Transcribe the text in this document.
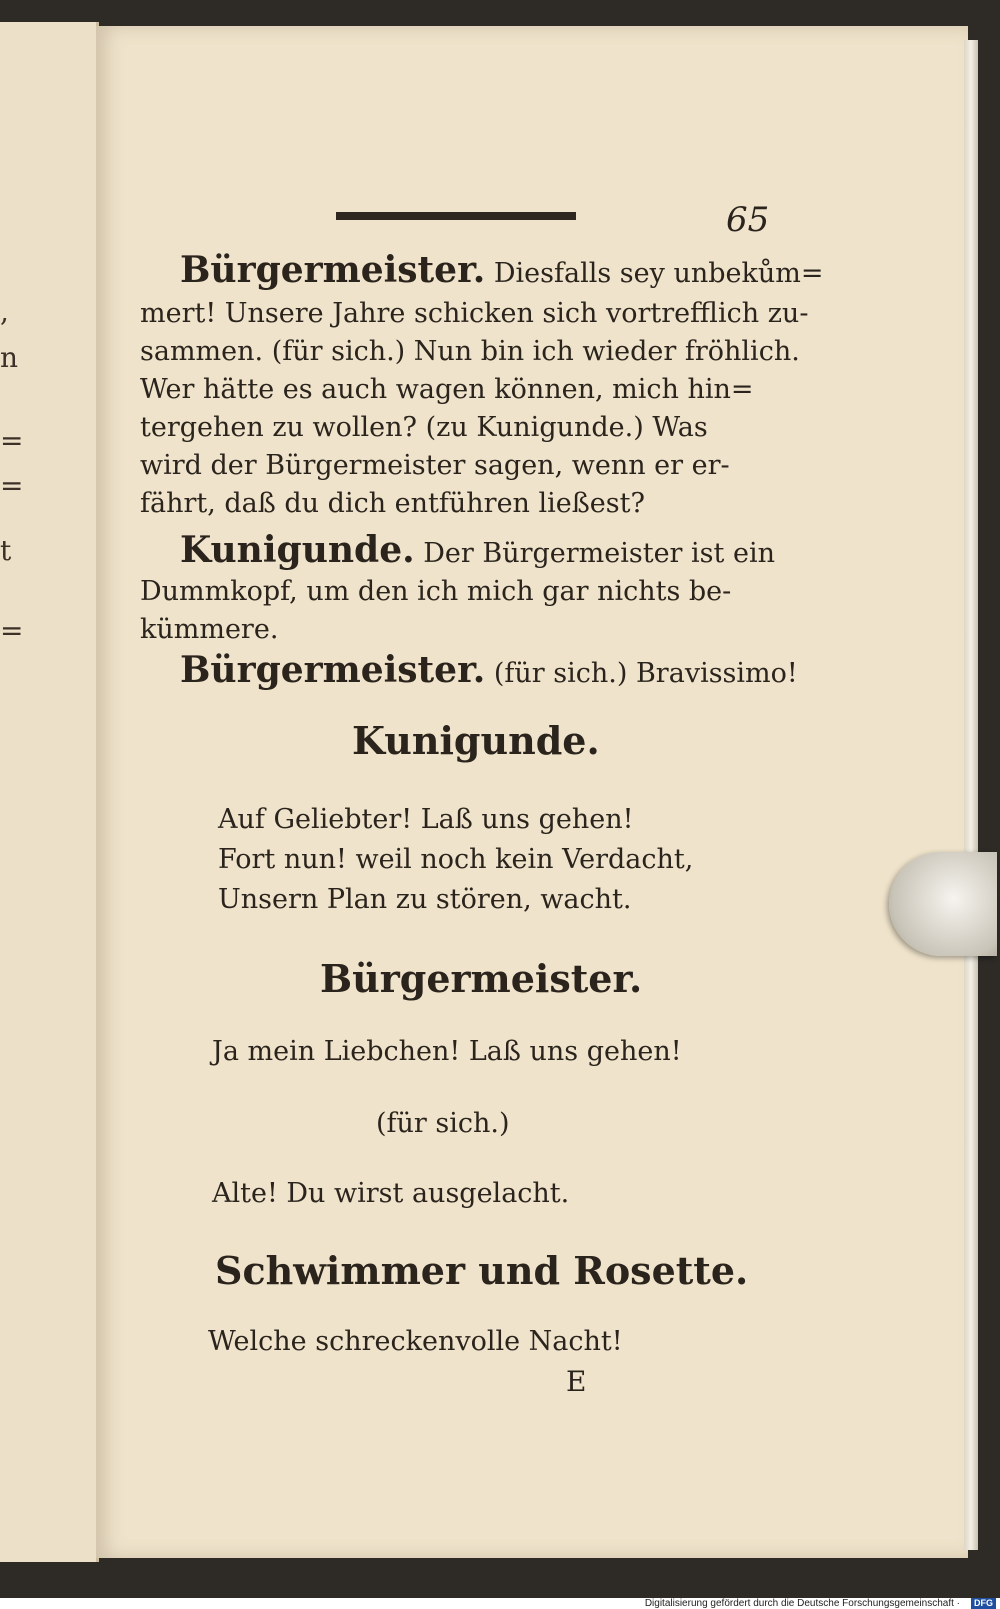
,
n
=
=
t
=
65
Bürgermeister. Diesfalls sey unbekům=
mert! Unsere Jahre schicken sich vortrefflich zu-
sammen. (für sich.) Nun bin ich wieder fröhlich.
Wer hätte es auch wagen können, mich hin=
tergehen zu wollen? (zu Kunigunde.) Was
wird der Bürgermeister sagen, wenn er er-
fährt, daß du dich entführen ließest?
Kunigunde. Der Bürgermeister ist ein
Dummkopf, um den ich mich gar nichts be-
kümmere.
Bürgermeister. (für sich.) Bravissimo!
Kunigunde.
Auf Geliebter! Laß uns gehen!
Fort nun! weil noch kein Verdacht,
Unsern Plan zu stören, wacht.
Bürgermeister.
Ja mein Liebchen! Laß uns gehen!
(für sich.)
Alte! Du wirst ausgelacht.
Schwimmer und Rosette.
Welche schreckenvolle Nacht!
E
Digitalisierung gefördert durch die Deutsche Forschungsgemeinschaft ·	DFG
